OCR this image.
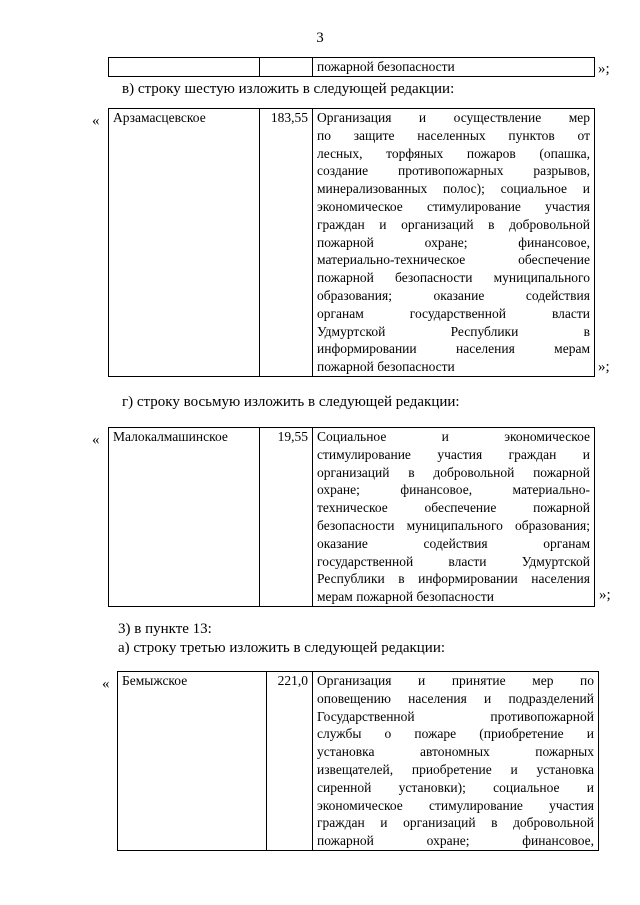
3

пожарной безопасности	»;
в) строку шестую изложить в следующей редакции:
« Арзамасцевское	183,55	Организация и осуществление мер
по защите населенных пунктов от
лесных, торфяных пожаров (опашка,
создание противопожарных разрывов,
минерализованных полос); социальное и
экономическое стимулирование участия
граждан и организаций в добровольной
пожарной охране; финансовое,
материально-техническое обеспечение
пожарной безопасности муниципального
образования; оказание содействия
органам государственной власти
Удмуртской Республики в
информировании населения мерам
пожарной безопасности	»;
г) строку восьмую изложить в следующей редакции:
« Малокалмашинское	19,55	Социальное и экономическое
стимулирование участия граждан и
организаций в добровольной пожарной
охране; финансовое, материально-
техническое обеспечение пожарной
безопасности муниципального образования;
оказание содействия органам
государственной власти Удмуртской
Республики в информировании населения
мерам пожарной безопасности	»;
3) в пункте 13:
а) строку третью изложить в следующей редакции:
« Бемыжское	221,0	Организация и принятие мер по
оповещению населения и подразделений
Государственной противопожарной
службы о пожаре (приобретение и
установка автономных пожарных
извещателей, приобретение и установка
сиренной установки); социальное и
экономическое стимулирование участия
граждан и организаций в добровольной
пожарной охране; финансовое,
